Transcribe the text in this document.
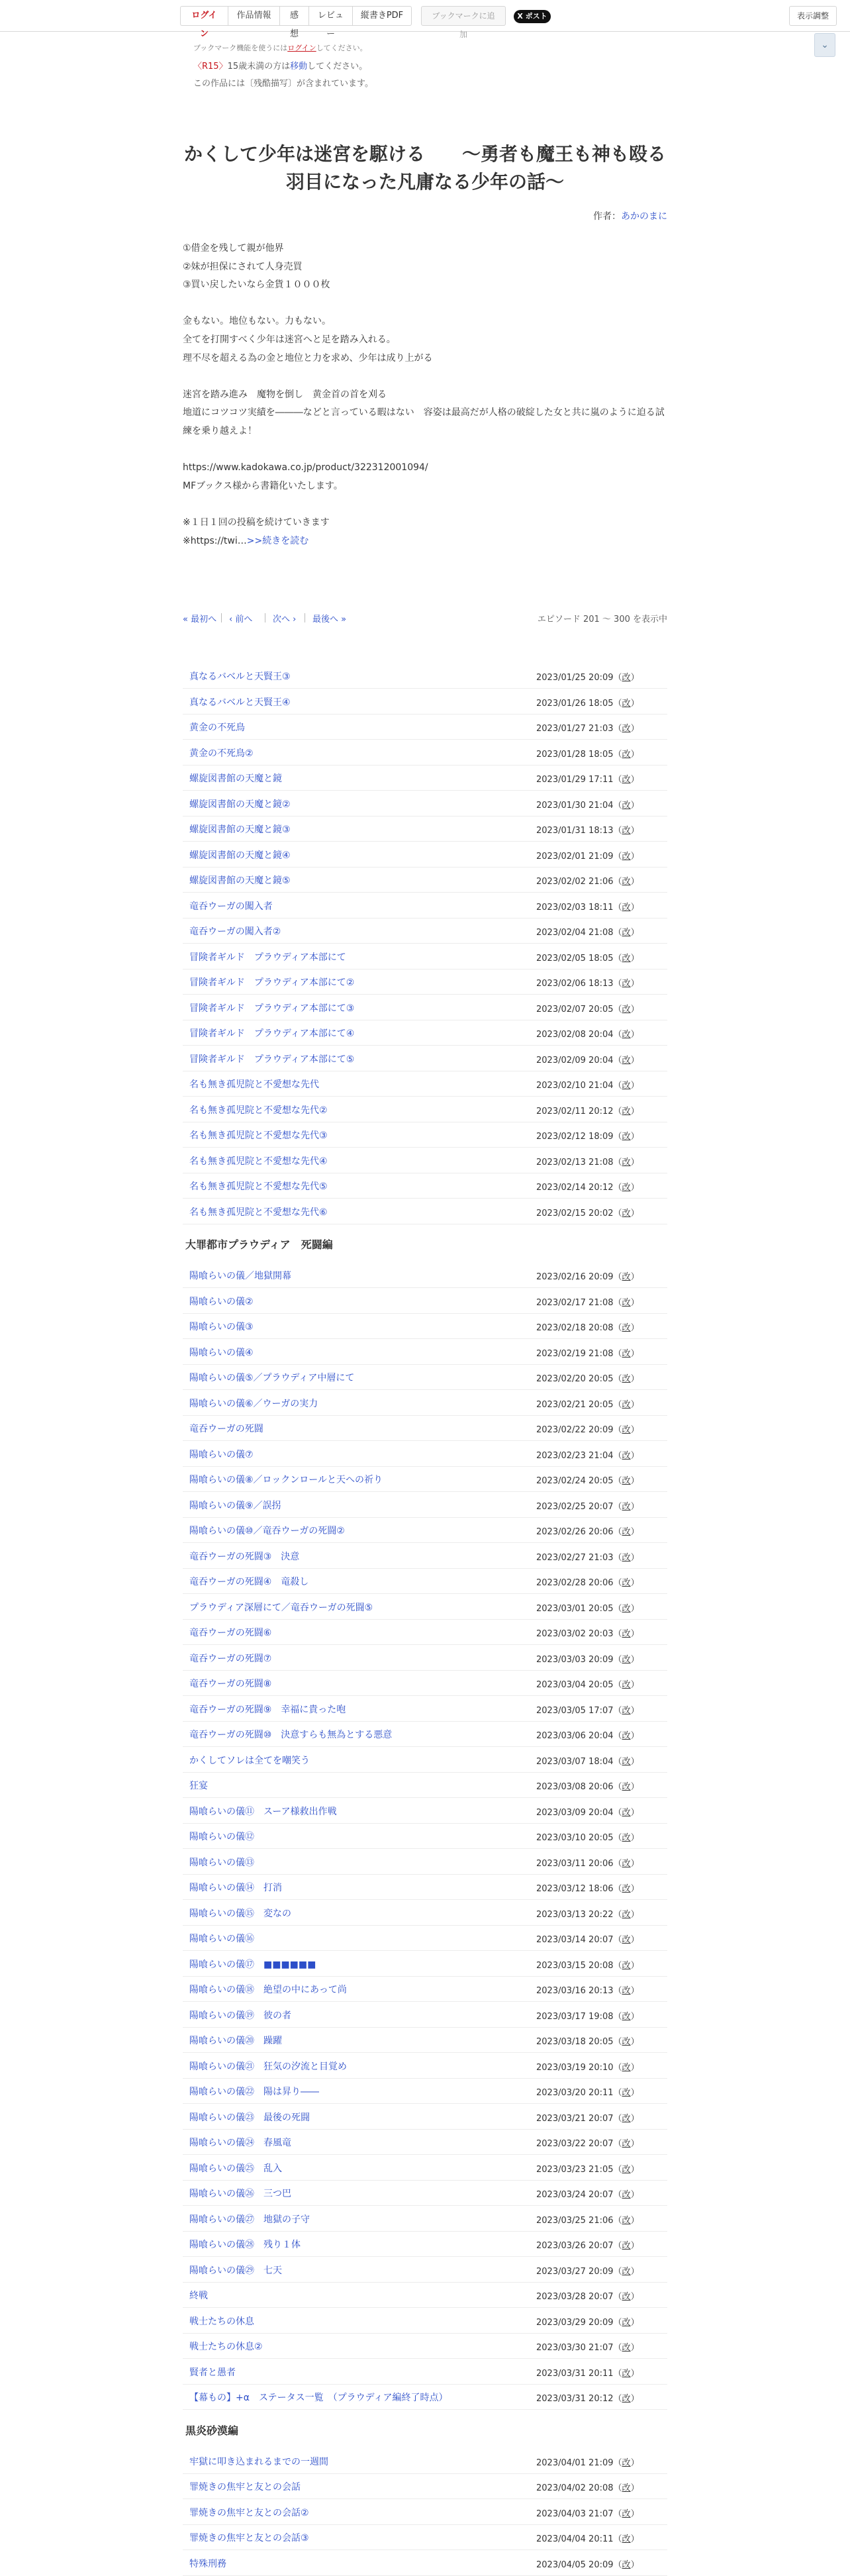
ログイン
作品情報	感想
レビュー
縦書きPDF	ブックマークに追加
X ポスト	表示調整
⌄
ブックマーク機能を使うにはログインしてください。
〈R15〉15歳未満の方は移動してください。
この作品には〔残酷描写〕が含まれています。
かくして少年は迷宮を駆ける　　〜勇者も魔王も神も殴る
羽目になった凡庸なる少年の話〜
作者：あかのまに

①借金を残して親が他界

②妹が担保にされて人身売買

③買い戻したいなら金貨１０００枚

金もない。地位もない。力もない。

全てを打開すべく少年は迷宮へと足を踏み入れる。

理不尽を超える為の金と地位と力を求め、少年は成り上がる

迷宮を踏み進み　魔物を倒し　黄金首の首を刈る

地道にコツコツ実績を―――などと言っている暇はない　容姿は最高だが人格の破綻した女と共に嵐のように迫る試練を乗り越えよ！

https://www.kadokawa.co.jp/product/322312001094/

MFブックス様から書籍化いたします。

※１日１回の投稿を続けていきます

※https://twi…>>続きを読む

« 最初へ ‹ 前へ 次へ › 最後へ »	エピソード 201 〜 300 を表示中
真なるバベルと天賢王③	2023/01/25 20:09（改）
真なるバベルと天賢王④	2023/01/26 18:05（改）
黄金の不死鳥	2023/01/27 21:03（改）
黄金の不死鳥②	2023/01/28 18:05（改）
螺旋図書館の天魔と鏡	2023/01/29 17:11（改）
螺旋図書館の天魔と鏡②	2023/01/30 21:04（改）
螺旋図書館の天魔と鏡③	2023/01/31 18:13（改）
螺旋図書館の天魔と鏡④	2023/02/01 21:09（改）
螺旋図書館の天魔と鏡⑤	2023/02/02 21:06（改）
竜吞ウーガの闖入者	2023/02/03 18:11（改）
竜吞ウーガの闖入者②	2023/02/04 21:08（改）
冒険者ギルド　プラウディア本部にて	2023/02/05 18:05（改）
冒険者ギルド　プラウディア本部にて②	2023/02/06 18:13（改）
冒険者ギルド　プラウディア本部にて③	2023/02/07 20:05（改）
冒険者ギルド　プラウディア本部にて④	2023/02/08 20:04（改）
冒険者ギルド　プラウディア本部にて⑤	2023/02/09 20:04（改）
名も無き孤児院と不愛想な先代	2023/02/10 21:04（改）
名も無き孤児院と不愛想な先代②	2023/02/11 20:12（改）
名も無き孤児院と不愛想な先代③	2023/02/12 18:09（改）
名も無き孤児院と不愛想な先代④	2023/02/13 21:08（改）
名も無き孤児院と不愛想な先代⑤	2023/02/14 20:12（改）
名も無き孤児院と不愛想な先代⑥	2023/02/15 20:02（改）
大罪都市プラウディア　死闘編
陽喰らいの儀／地獄開幕	2023/02/16 20:09（改）
陽喰らいの儀②	2023/02/17 21:08（改）
陽喰らいの儀③	2023/02/18 20:08（改）
陽喰らいの儀④	2023/02/19 21:08（改）
陽喰らいの儀⑤／プラウディア中層にて	2023/02/20 20:05（改）
陽喰らいの儀⑥／ウーガの実力	2023/02/21 20:05（改）
竜吞ウーガの死闘	2023/02/22 20:09（改）
陽喰らいの儀⑦	2023/02/23 21:04（改）
陽喰らいの儀⑧／ロックンロールと天への祈り	2023/02/24 20:05（改）
陽喰らいの儀⑨／誤拐	2023/02/25 20:07（改）
陽喰らいの儀⑩／竜吞ウーガの死闘②	2023/02/26 20:06（改）
竜吞ウーガの死闘③　決意	2023/02/27 21:03（改）
竜吞ウーガの死闘④　竜殺し	2023/02/28 20:06（改）
プラウディア深層にて／竜吞ウーガの死闘⑤	2023/03/01 20:05（改）
竜吞ウーガの死闘⑥	2023/03/02 20:03（改）
竜吞ウーガの死闘⑦	2023/03/03 20:09（改）
竜吞ウーガの死闘⑧	2023/03/04 20:05（改）
竜吞ウーガの死闘⑨　幸福に貴った咆	2023/03/05 17:07（改）
竜吞ウーガの死闘⑩　決意すらも無為とする悪意	2023/03/06 20:04（改）
かくしてソレは全てを嘲笑う	2023/03/07 18:04（改）
狂宴	2023/03/08 20:06（改）
陽喰らいの儀⑪　スーア様救出作戦	2023/03/09 20:04（改）
陽喰らいの儀⑫	2023/03/10 20:05（改）
陽喰らいの儀⑬	2023/03/11 20:06（改）
陽喰らいの儀⑭　打消	2023/03/12 18:06（改）
陽喰らいの儀⑮　変なの	2023/03/13 20:22（改）
陽喰らいの儀⑯	2023/03/14 20:07（改）
陽喰らいの儀⑰　■■■■■■	2023/03/15 20:08（改）
陽喰らいの儀⑱　絶望の中にあって尚	2023/03/16 20:13（改）
陽喰らいの儀⑲　彼の者	2023/03/17 19:08（改）
陽喰らいの儀⑳　躁躍	2023/03/18 20:05（改）
陽喰らいの儀㉑　狂気の汐流と目覚め	2023/03/19 20:10（改）
陽喰らいの儀㉒　陽は昇り――	2023/03/20 20:11（改）
陽喰らいの儀㉓　最後の死闘	2023/03/21 20:07（改）
陽喰らいの儀㉔　春風竜	2023/03/22 20:07（改）
陽喰らいの儀㉕　乱入	2023/03/23 21:05（改）
陽喰らいの儀㉖　三つ巴	2023/03/24 20:07（改）
陽喰らいの儀㉗　地獄の子守	2023/03/25 21:06（改）
陽喰らいの儀㉘　残り１体	2023/03/26 20:07（改）
陽喰らいの儀㉙　七天	2023/03/27 20:09（改）
終戦	2023/03/28 20:07（改）
戦士たちの休息	2023/03/29 20:09（改）
戦士たちの休息②	2023/03/30 21:07（改）
賢者と愚者	2023/03/31 20:11（改）
【幕もの】+α　ステータス一覧　（プラウディア編終了時点）	2023/03/31 20:12（改）
黒炎砂漠編
牢獄に叩き込まれるまでの一週間	2023/04/01 21:09（改）
罪焼きの焦牢と友との会話	2023/04/02 20:08（改）
罪焼きの焦牢と友との会話②	2023/04/03 21:07（改）
罪焼きの焦牢と友との会話③	2023/04/04 20:11（改）
特殊刑務	2023/04/05 20:09（改）
